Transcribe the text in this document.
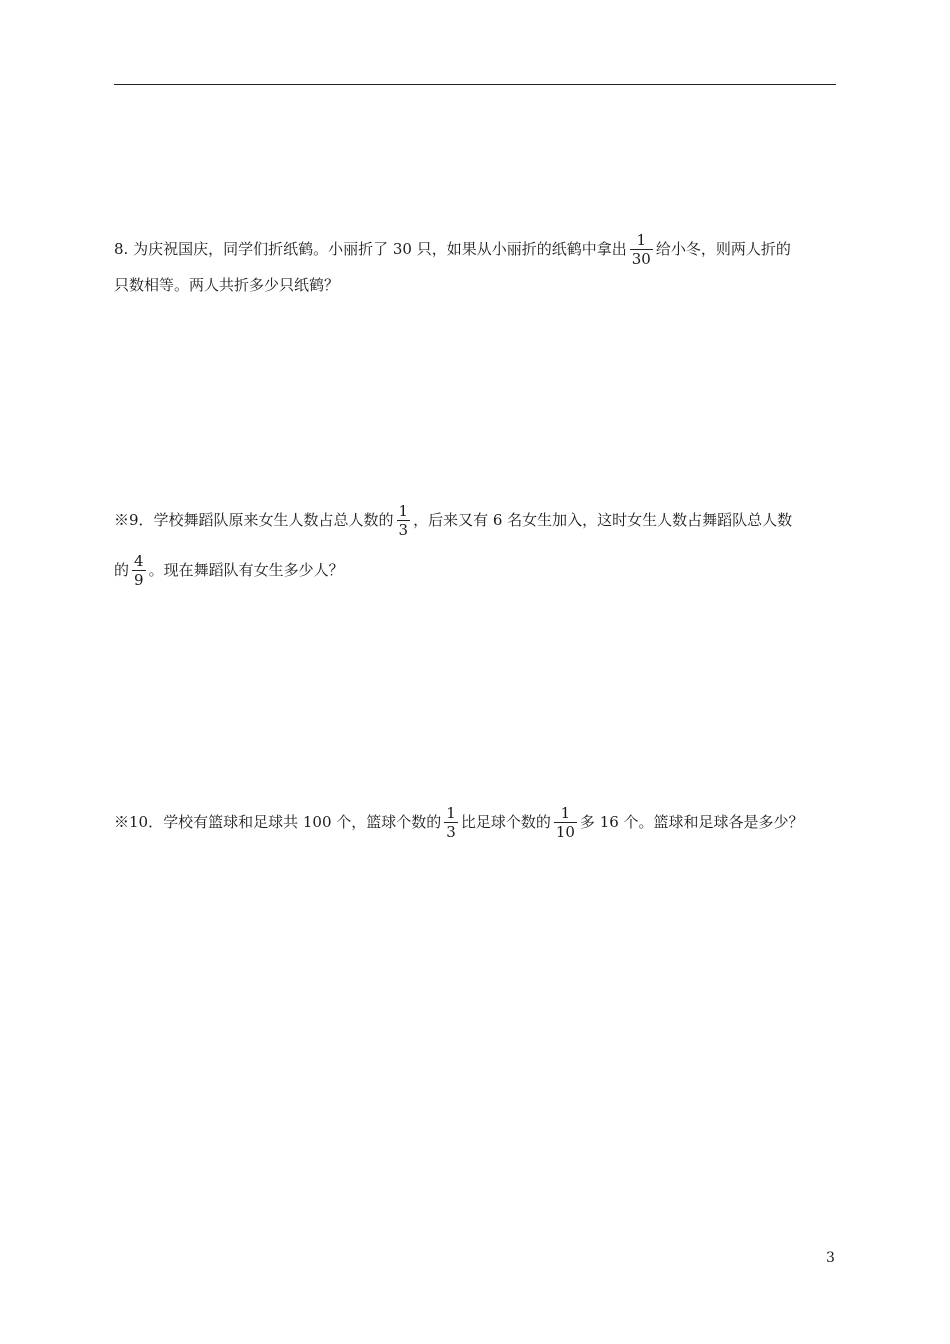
8. 为庆祝国庆，同学们折纸鹤。小丽折了 30 只，如果从小丽折的纸鹤中拿出 $\frac{1}{30}$ 给小冬，则两人折的
只数相等。两人共折多少只纸鹤？
※9．学校舞蹈队原来女生人数占总人数的 $\frac{1}{3}$ ，后来又有 6 名女生加入，这时女生人数占舞蹈队总人数
的 $\frac{4}{9}$ 。现在舞蹈队有女生多少人？
※10．学校有篮球和足球共 100 个，篮球个数的 $\frac{1}{3}$ 比足球个数的 $\frac{1}{10}$ 多 16 个。篮球和足球各是多少？
3
